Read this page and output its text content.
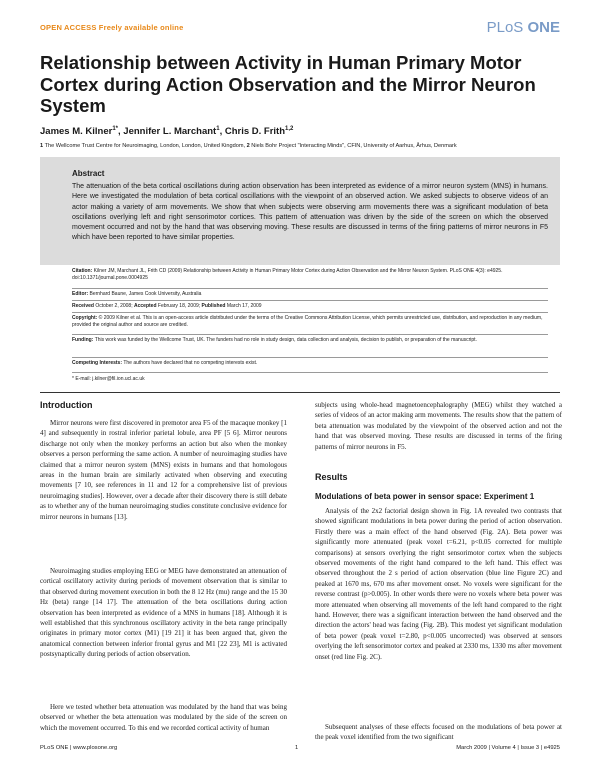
OPEN ACCESS Freely available online	PLoS ONE
Relationship between Activity in Human Primary Motor Cortex during Action Observation and the Mirror Neuron System
James M. Kilner$^{1*}$, Jennifer L. Marchant$^1$, Chris D. Frith$^{1,2}$
1 The Wellcome Trust Centre for Neuroimaging, London, London, United Kingdom, 2 Niels Bohr Project "Interacting Minds", CFIN, University of Aarhus, Århus, Denmark
Abstract
The attenuation of the beta cortical oscillations during action observation has been interpreted as evidence of a mirror neuron system (MNS) in humans. Here we investigated the modulation of beta cortical oscillations with the viewpoint of an observed action. We asked subjects to observe videos of an actor making a variety of arm movements. We show that when subjects were observing arm movements there was a significant modulation of beta oscillations overlying left and right sensorimotor cortices. This pattern of attenuation was driven by the side of the screen on which the observed movement occurred and not by the hand that was observing moving. These results are discussed in terms of the firing patterns of mirror neurons in F5 which have been reported to have similar properties.
Citation: Kilner JM, Marchant JL, Frith CD (2009) Relationship between Activity in Human Primary Motor Cortex during Action Observation and the Mirror Neuron System. PLoS ONE 4(3): e4925. doi:10.1371/journal.pone.0004925
Editor: Bernhard Baune, James Cook University, Australia
Received October 2, 2008; Accepted February 18, 2009; Published March 17, 2009
Copyright: © 2009 Kilner et al. This is an open-access article distributed under the terms of the Creative Commons Attribution License, which permits unrestricted use, distribution, and reproduction in any medium, provided the original author and source are credited.
Funding: This work was funded by the Wellcome Trust, UK. The funders had no role in study design, data collection and analysis, decision to publish, or preparation of the manuscript.
Competing Interests: The authors have declared that no competing interests exist.
* E-mail: j.kilner@fil.ion.ucl.ac.uk
Introduction

Mirror neurons were first discovered in premotor area F5 of the macaque monkey [1 4] and subsequently in rostral inferior parietal lobule, area PF [5 6]. Mirror neurons discharge not only when the monkey performs an action but also when the monkey observes a person performing the same action. A number of neuroimaging studies have claimed that a mirror neuron system (MNS) exists in humans and that homologous areas in the human brain are similarly activated when observing and executing movements [7 10, see references in 11 and 12 for a comprehensive list of previous neuroimaging studies]. However, over a decade after their discovery there is still debate as to whether any of the human neuroimaging studies constitute conclusive evidence for mirror neurons in humans [13].

Neuroimaging studies employing EEG or MEG have demonstrated an attenuation of cortical oscillatory activity during periods of movement observation that is similar to that observed during movement execution in both the 8 12 Hz (mu) range and the 15 30 Hz (beta) range [14 17]. The attenuation of the beta oscillations during action observation has been interpreted as evidence of a MNS in humans [18]. Although it is well established that this synchronous oscillatory activity in the beta range principally originates in primary motor cortex (M1) [19 21] it has been argued that, given the anatomical connection between inferior frontal gyrus and M1 [22 23], M1 is activated postsynaptically during periods of action observation.

Here we tested whether beta attenuation was modulated by the hand that was being observed or whether the beta attenuation was modulated by the side of the screen on which the movement occurred. To this end we recorded cortical activity of human

subjects using whole-head magnetoencephalography (MEG) whilst they watched a series of videos of an actor making arm movements. The results show that the pattern of beta attenuation was modulated by the viewpoint of the observed action and not the hand that was observed moving. These results are discussed in terms of the firing patterns of mirror neurons in F5.

Results
Modulations of beta power in sensor space: Experiment 1

Analysis of the 2x2 factorial design shown in Fig. 1A revealed two contrasts that showed significant modulations in beta power during the period of action observation. Firstly there was a main effect of the hand observed (Fig. 2A). Beta power was significantly more attenuated (peak voxel t=6.21, p<0.05 corrected for multiple comparisons) at sensors overlying the right sensorimotor cortex when the subjects observed movements of the right hand compared to the left hand. This effect was observed throughout the 2 s period of action observation (blue line Figure 2C) and peaked at 1670 ms, 670 ms after movement onset. No voxels were significant for the reverse contrast (p>0.005). In other words there were no voxels where beta power was more attenuated when observing all movements of the left hand compared to the right hand. However, there was a significant interaction between the hand observed and the direction the actors' head was facing (Fig. 2B). This modest yet significant modulation of beta power (peak voxel t=2.80, p<0.005 uncorrected) was observed at sensors overlying the left sensorimotor cortex and peaked at 2330 ms, 1330 ms after movement onset (red line Fig. 2C).

Subsequent analyses of these effects focused on the modulations of beta power at the peak voxel identified from the two significant

PLoS ONE | www.plosone.org	1	March 2009 | Volume 4 | Issue 3 | e4925
